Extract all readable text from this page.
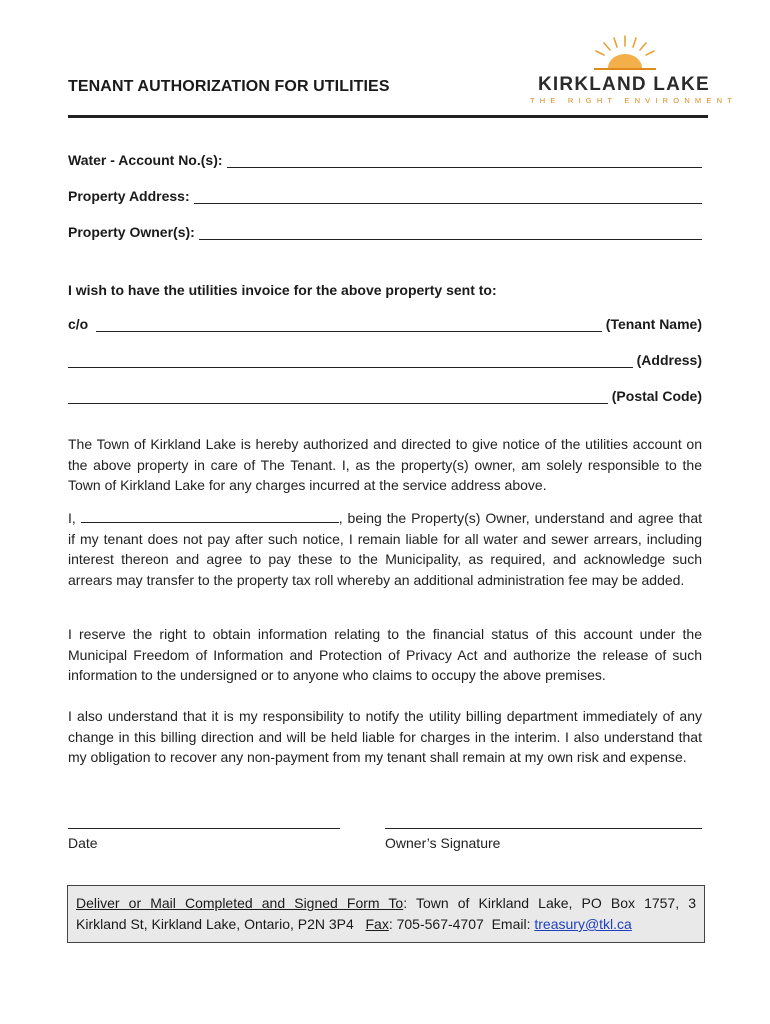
TENANT AUTHORIZATION FOR UTILITIES	KIRKLAND LAKE
THE RIGHT ENVIRONMENT
Water - Account No.(s):
Property Address:
Property Owner(s):
I wish to have the utilities invoice for the above property sent to:
c/o	(Tenant Name)
(Address)
(Postal Code)

The Town of Kirkland Lake is hereby authorized and directed to give notice of the utilities account on the above property in care of The Tenant. I, as the property(s) owner, am solely responsible to the Town of Kirkland Lake for any charges incurred at the service address above.

I,	, being the Property(s) Owner, understand and agree that if my tenant does not pay after such notice, I remain liable for all water and sewer arrears, including interest thereon and agree to pay these to the Municipality, as required, and acknowledge such arrears may transfer to the property tax roll whereby an additional administration fee may be added.

I reserve the right to obtain information relating to the financial status of this account under the Municipal Freedom of Information and Protection of Privacy Act and authorize the release of such information to the undersigned or to anyone who claims to occupy the above premises.

I also understand that it is my responsibility to notify the utility billing department immediately of any change in this billing direction and will be held liable for charges in the interim. I also understand that my obligation to recover any non-payment from my tenant shall remain at my own risk and expense.

Date	Owner’s Signature

Deliver or Mail Completed and Signed Form To: Town of Kirkland Lake, PO Box 1757, 3

Kirkland St, Kirkland Lake, Ontario, P2N 3P4 Fax: 705-567-4707 Email: treasury@tkl.ca
